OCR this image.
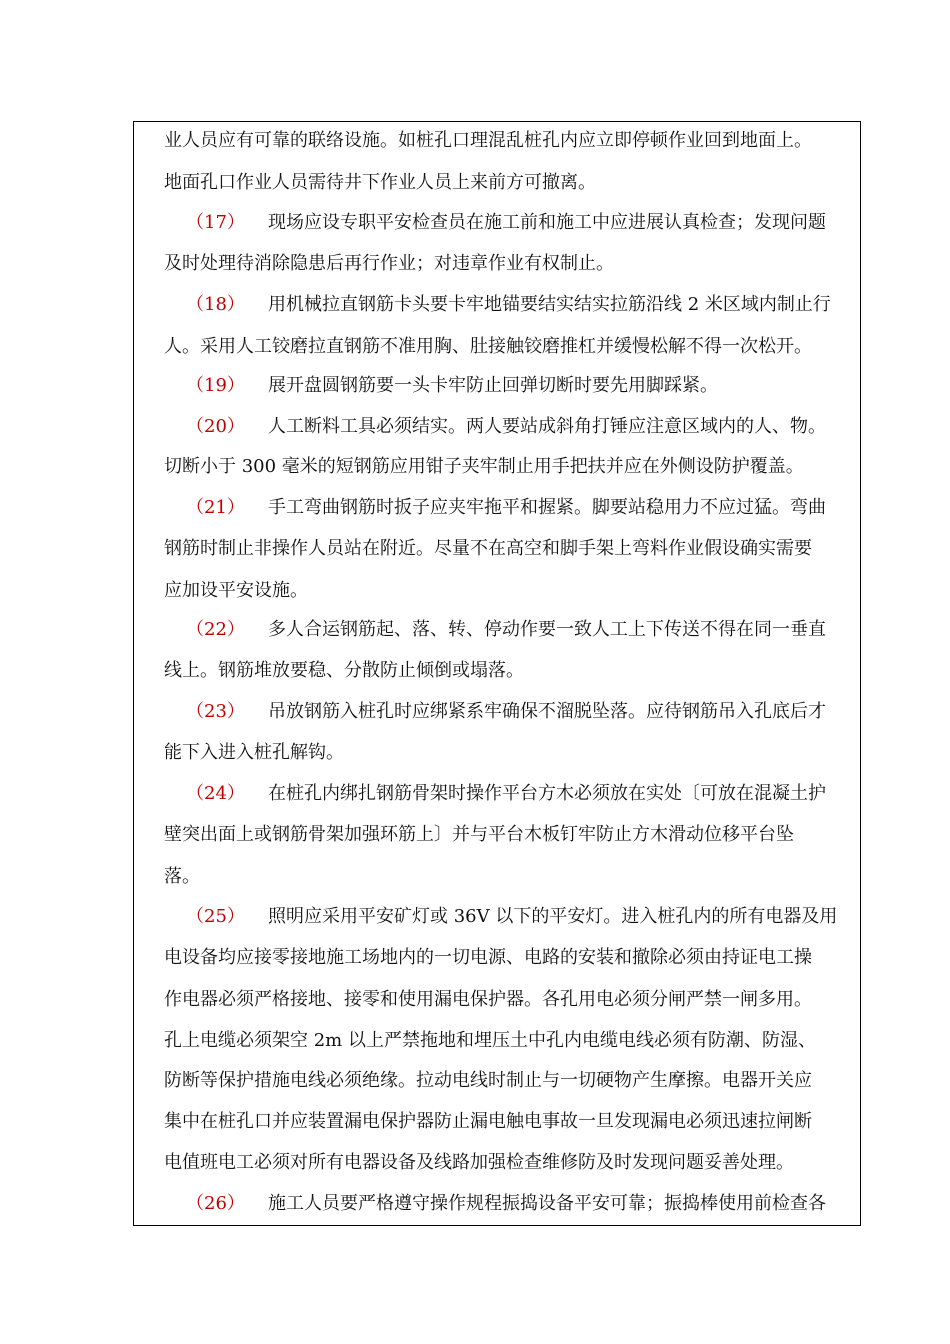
业人员应有可靠的联络设施。如桩孔口理混乱桩孔内应立即停顿作业回到地面上。
地面孔口作业人员需待井下作业人员上来前方可撤离。
（17） 现场应设专职平安检查员在施工前和施工中应进展认真检查；发现问题
及时处理待消除隐患后再行作业；对违章作业有权制止。
（18） 用机械拉直钢筋卡头要卡牢地锚要结实结实拉筋沿线 2 米区域内制止行
人。采用人工铰磨拉直钢筋不准用胸、肚接触铰磨推杠并缓慢松解不得一次松开。
（19） 展开盘圆钢筋要一头卡牢防止回弹切断时要先用脚踩紧。
（20） 人工断料工具必须结实。两人要站成斜角打锤应注意区域内的人、物。
切断小于 300 毫米的短钢筋应用钳子夹牢制止用手把扶并应在外侧设防护覆盖。
（21） 手工弯曲钢筋时扳子应夹牢拖平和握紧。脚要站稳用力不应过猛。弯曲
钢筋时制止非操作人员站在附近。尽量不在高空和脚手架上弯料作业假设确实需要
应加设平安设施。
（22） 多人合运钢筋起、落、转、停动作要一致人工上下传送不得在同一垂直
线上。钢筋堆放要稳、分散防止倾倒或塌落。
（23） 吊放钢筋入桩孔时应绑紧系牢确保不溜脱坠落。应待钢筋吊入孔底后才
能下入进入桩孔解钩。
（24） 在桩孔内绑扎钢筋骨架时操作平台方木必须放在实处〔可放在混凝土护
壁突出面上或钢筋骨架加强环筋上〕并与平台木板钉牢防止方木滑动位移平台坠
落。
（25） 照明应采用平安矿灯或 36V 以下的平安灯。进入桩孔内的所有电器及用
电设备均应接零接地施工场地内的一切电源、电路的安装和撤除必须由持证电工操
作电器必须严格接地、接零和使用漏电保护器。各孔用电必须分闸严禁一闸多用。
孔上电缆必须架空 2m 以上严禁拖地和埋压土中孔内电缆电线必须有防潮、防湿、
防断等保护措施电线必须绝缘。拉动电线时制止与一切硬物产生摩擦。电器开关应
集中在桩孔口并应装置漏电保护器防止漏电触电事故一旦发现漏电必须迅速拉闸断
电值班电工必须对所有电器设备及线路加强检查维修防及时发现问题妥善处理。
（26） 施工人员要严格遵守操作规程振捣设备平安可靠；振捣棒使用前检查各
